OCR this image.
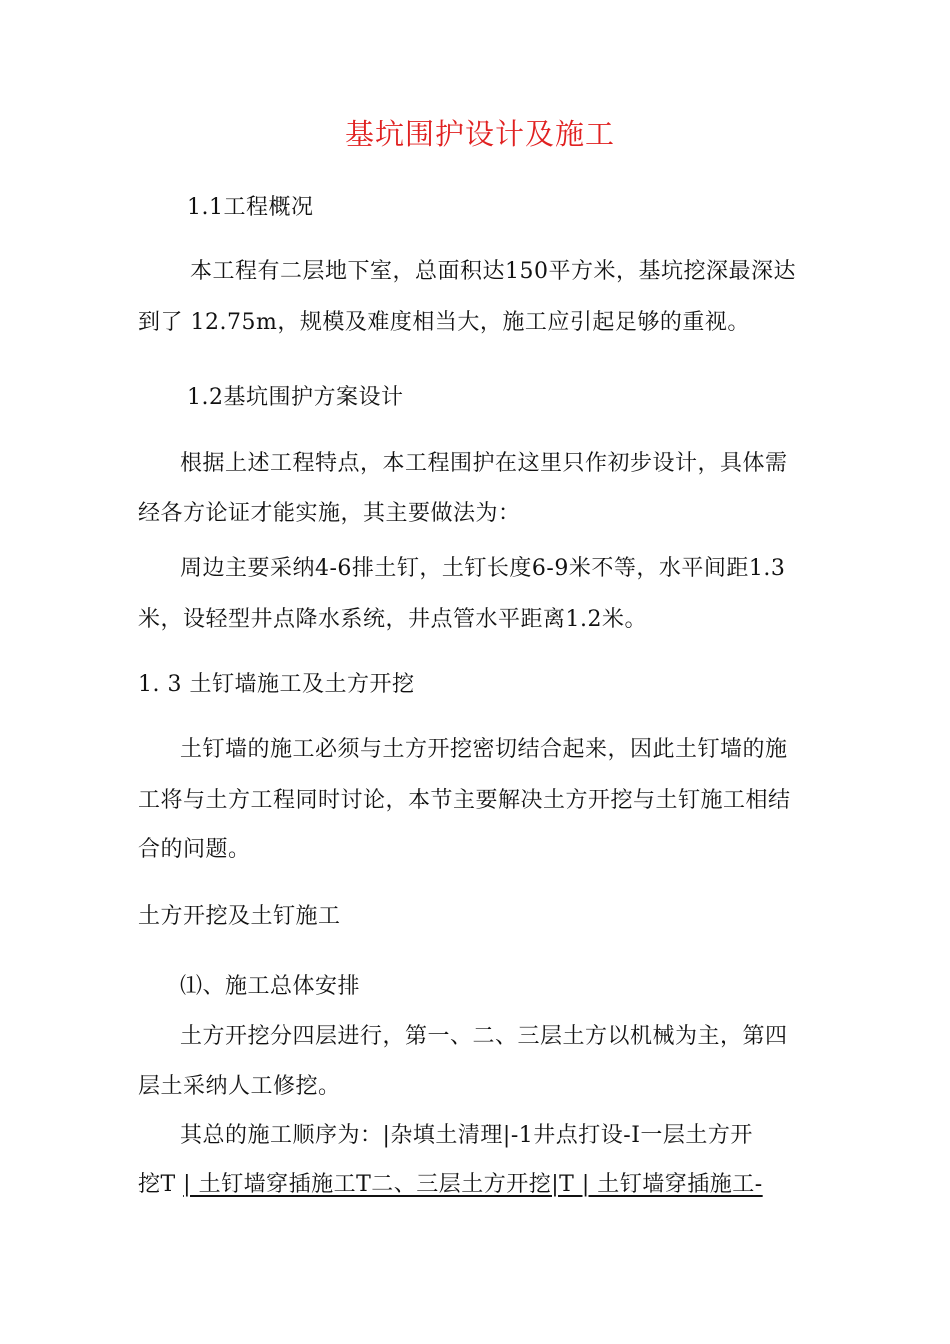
基坑围护设计及施工
1.1工程概况
本工程有二层地下室，总面积达150平方米，基坑挖深最深达
到了 12.75m，规模及难度相当大，施工应引起足够的重视。
1.2基坑围护方案设计
根据上述工程特点，本工程围护在这里只作初步设计，具体需
经各方论证才能实施，其主要做法为：
周边主要采纳4-6排土钉，土钉长度6-9米不等，水平间距1.3
米，设轻型井点降水系统，井点管水平距离1.2米。
1. 3 土钉墙施工及土方开挖
土钉墙的施工必须与土方开挖密切结合起来，因此土钉墙的施
工将与土方工程同时讨论，本节主要解决土方开挖与土钉施工相结
合的问题。
土方开挖及土钉施工
⑴、施工总体安排
土方开挖分四层进行，第一、二、三层土方以机械为主，第四
层土采纳人工修挖。
其总的施工顺序为：|杂填土清理|-1井点打设-I一层土方开
挖T | 土钉墙穿插施工T二、三层土方开挖|T | 土钉墙穿插施工-
